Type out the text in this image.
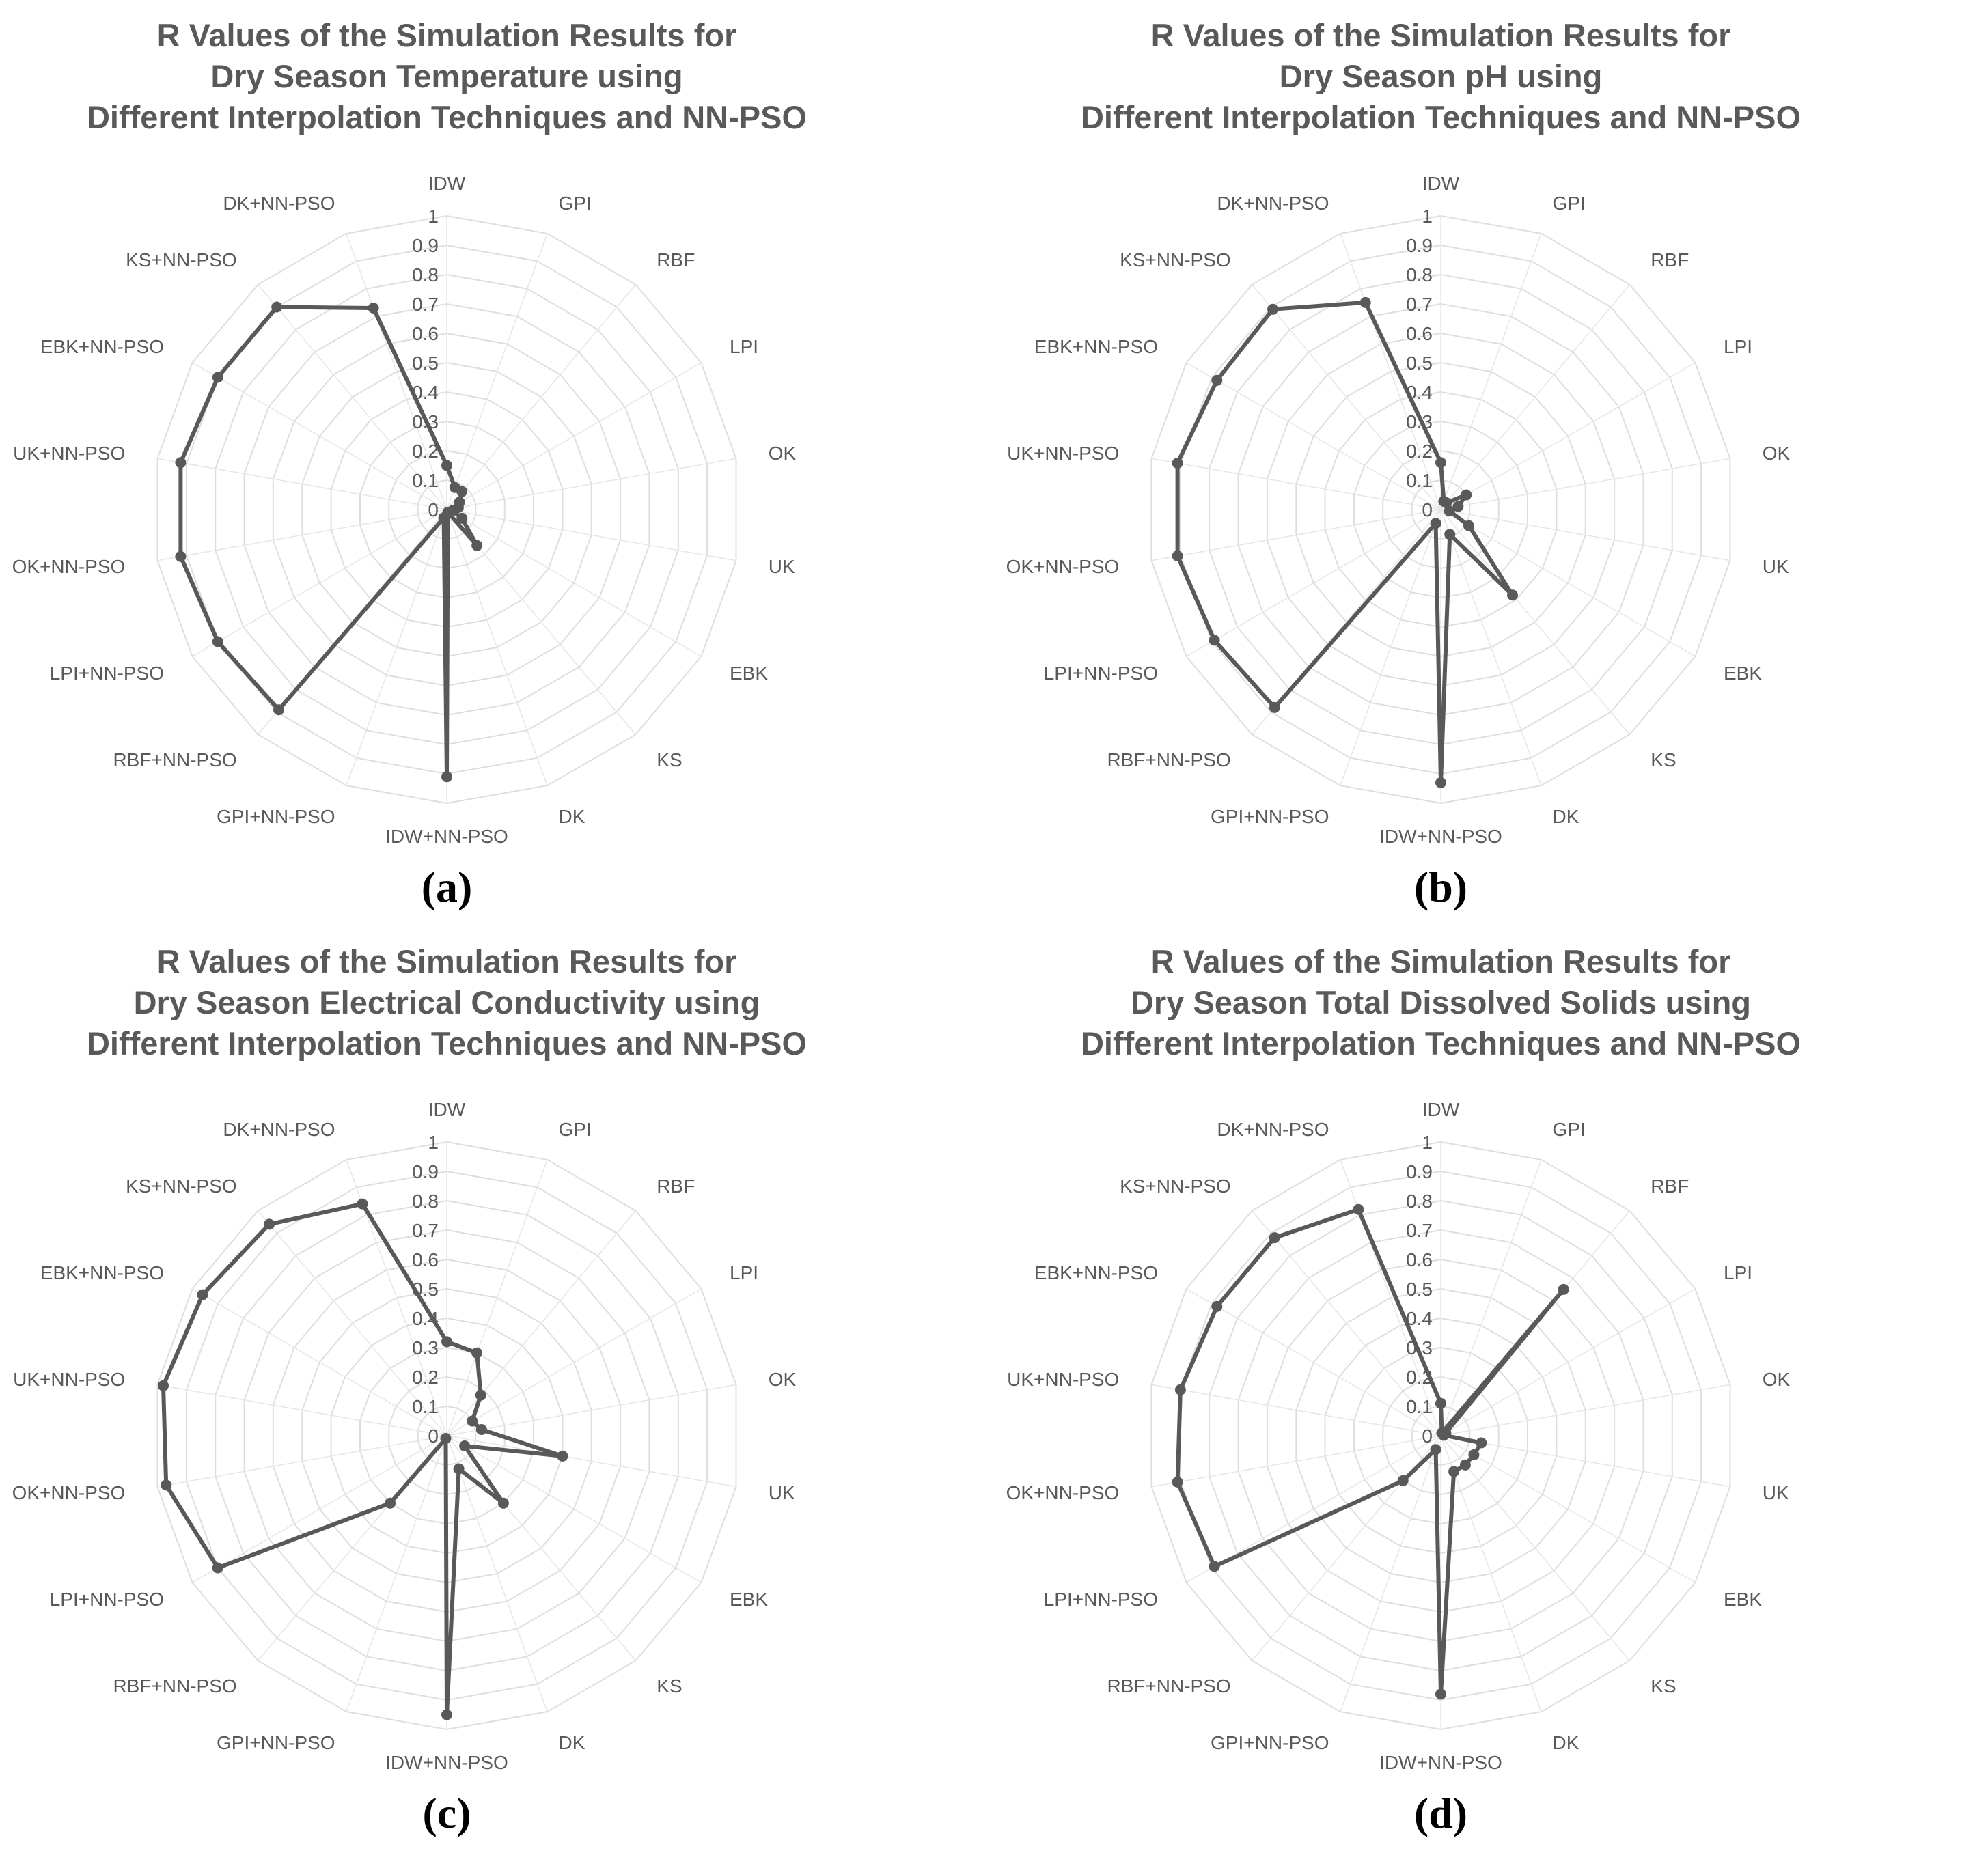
R Values of the Simulation Results for
Dry Season Temperature using
Different Interpolation Techniques and NN-PSO
0
0.1
0.2
0.3
0.4
0.5
0.6
0.7
0.8
0.9
1
IDW
GPI
RBF
LPI
OK
UK
EBK
KS
DK
IDW+NN-PSO
GPI+NN-PSO
RBF+NN-PSO
LPI+NN-PSO
OK+NN-PSO
UK+NN-PSO
EBK+NN-PSO
KS+NN-PSO
DK+NN-PSO
(a)
R Values of the Simulation Results for
Dry Season pH using
Different Interpolation Techniques and NN-PSO
0
0.1
0.2
0.3
0.4
0.5
0.6
0.7
0.8
0.9
1
IDW
GPI
RBF
LPI
OK
UK
EBK
KS
DK
IDW+NN-PSO
GPI+NN-PSO
RBF+NN-PSO
LPI+NN-PSO
OK+NN-PSO
UK+NN-PSO
EBK+NN-PSO
KS+NN-PSO
DK+NN-PSO
(b)
R Values of the Simulation Results for
Dry Season Electrical Conductivity using
Different Interpolation Techniques and NN-PSO
0
0.1
0.2
0.3
0.4
0.5
0.6
0.7
0.8
0.9
1
IDW
GPI
RBF
LPI
OK
UK
EBK
KS
DK
IDW+NN-PSO
GPI+NN-PSO
RBF+NN-PSO
LPI+NN-PSO
OK+NN-PSO
UK+NN-PSO
EBK+NN-PSO
KS+NN-PSO
DK+NN-PSO
(c)
R Values of the Simulation Results for
Dry Season Total Dissolved Solids using
Different Interpolation Techniques and NN-PSO
0
0.1
0.2
0.3
0.4
0.5
0.6
0.7
0.8
0.9
1
IDW
GPI
RBF
LPI
OK
UK
EBK
KS
DK
IDW+NN-PSO
GPI+NN-PSO
RBF+NN-PSO
LPI+NN-PSO
OK+NN-PSO
UK+NN-PSO
EBK+NN-PSO
KS+NN-PSO
DK+NN-PSO
(d)
